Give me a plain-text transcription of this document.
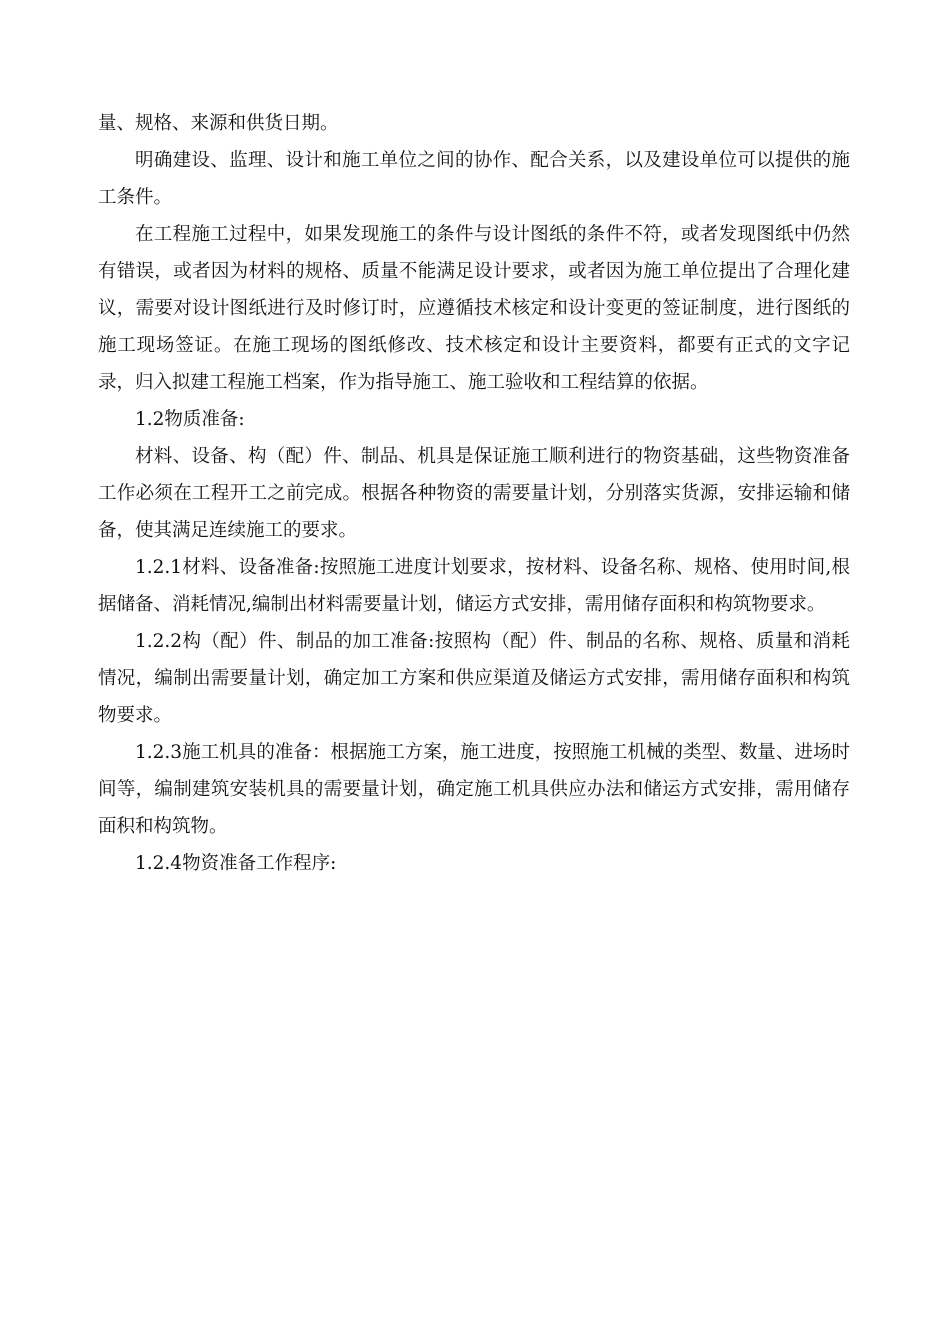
量、规格、来源和供货日期。

明确建设、监理、设计和施工单位之间的协作、配合关系，以及建设单位可以提供的施工条件。

在工程施工过程中，如果发现施工的条件与设计图纸的条件不符，或者发现图纸中仍然有错误，或者因为材料的规格、质量不能满足设计要求，或者因为施工单位提出了合理化建议，需要对设计图纸进行及时修订时，应遵循技术核定和设计变更的签证制度，进行图纸的施工现场签证。在施工现场的图纸修改、技术核定和设计主要资料，都要有正式的文字记录，归入拟建工程施工档案，作为指导施工、施工验收和工程结算的依据。

1.2物质准备:

材料、设备、构（配）件、制品、机具是保证施工顺利进行的物资基础，这些物资准备工作必须在工程开工之前完成。根据各种物资的需要量计划，分别落实货源，安排运输和储备，使其满足连续施工的要求。

1.2.1材料、设备准备:按照施工进度计划要求，按材料、设备名称、规格、使用时间,根据储备、消耗情况,编制出材料需要量计划，储运方式安排，需用储存面积和构筑物要求。

1.2.2构（配）件、制品的加工准备:按照构（配）件、制品的名称、规格、质量和消耗情况，编制出需要量计划，确定加工方案和供应渠道及储运方式安排，需用储存面积和构筑物要求。

1.2.3施工机具的准备：根据施工方案，施工进度，按照施工机械的类型、数量、进场时间等，编制建筑安装机具的需要量计划，确定施工机具供应办法和储运方式安排，需用储存面积和构筑物。

1.2.4物资准备工作程序:
